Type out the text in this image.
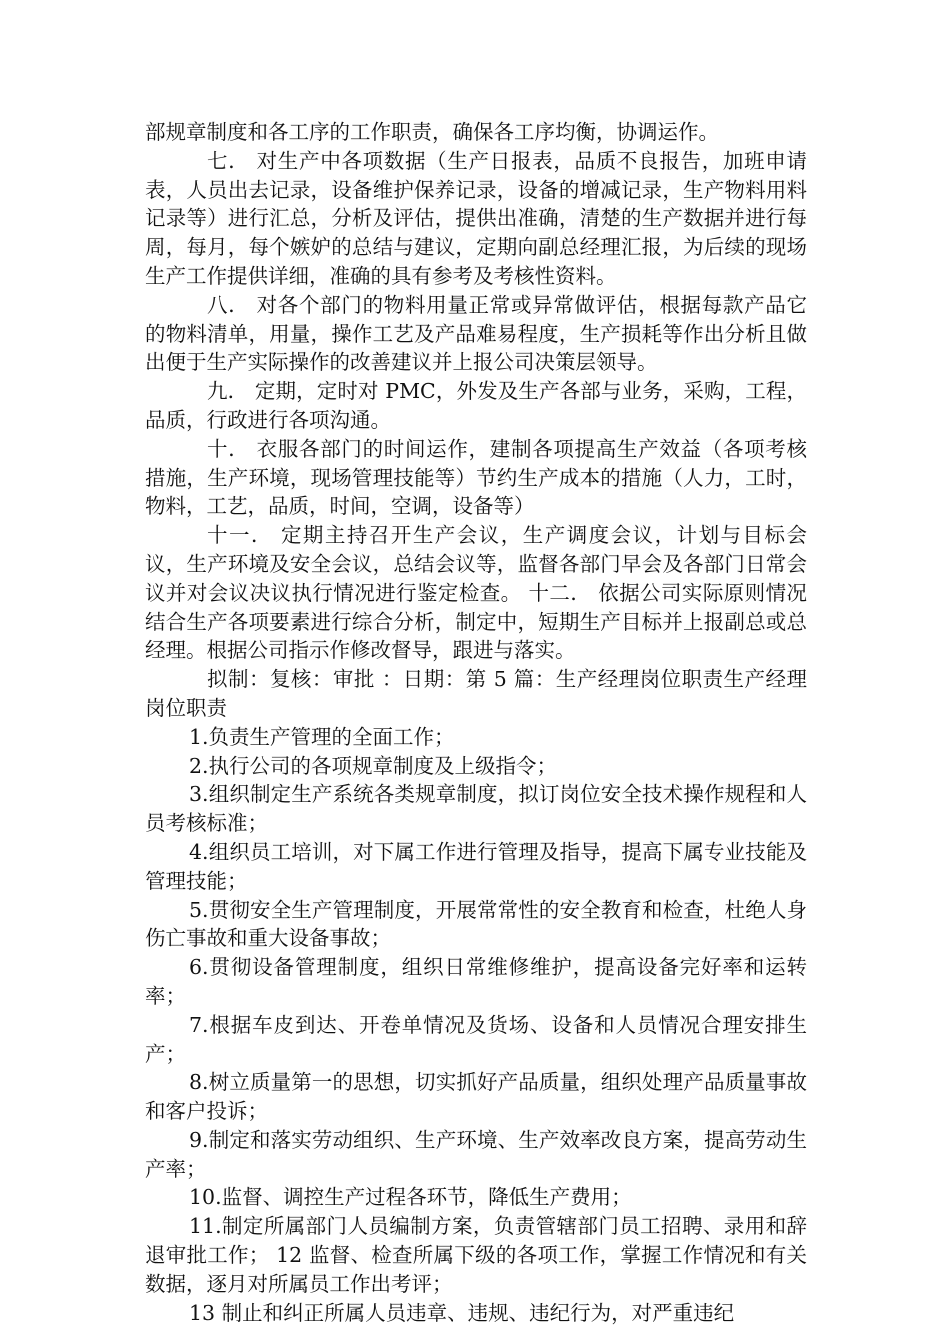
部规章制度和各工序的工作职责，确保各工序均衡，协调运作。

七． 对生产中各项数据（生产日报表，品质不良报告，加班申请表，人员出去记录，设备维护保养记录，设备的增减记录，生产物料用料记录等）进行汇总，分析及评估，提供出准确，清楚的生产数据并进行每周，每月，每个嫉妒的总结与建议，定期向副总经理汇报，为后续的现场生产工作提供详细，准确的具有参考及考核性资料。

八． 对各个部门的物料用量正常或异常做评估，根据每款产品它的物料清单，用量，操作工艺及产品难易程度，生产损耗等作出分析且做出便于生产实际操作的改善建议并上报公司决策层领导。

九． 定期，定时对 PMC，外发及生产各部与业务，采购，工程，品质，行政进行各项沟通。

十． 衣服各部门的时间运作，建制各项提高生产效益（各项考核措施，生产环境，现场管理技能等）节约生产成本的措施（人力，工时，物料，工艺，品质，时间，空调，设备等）

十一． 定期主持召开生产会议，生产调度会议，计划与目标会议，生产环境及安全会议，总结会议等，监督各部门早会及各部门日常会议并对会议决议执行情况进行鉴定检查。 十二． 依据公司实际原则情况结合生产各项要素进行综合分析，制定中，短期生产目标并上报副总或总经理。根据公司指示作修改督导，跟进与落实。

拟制：复核：审批 ：日期：第 5 篇：生产经理岗位职责生产经理岗位职责

1.负责生产管理的全面工作；

2.执行公司的各项规章制度及上级指令；

3.组织制定生产系统各类规章制度，拟订岗位安全技术操作规程和人员考核标准；

4.组织员工培训，对下属工作进行管理及指导，提高下属专业技能及管理技能；

5.贯彻安全生产管理制度，开展常常性的安全教育和检查，杜绝人身伤亡事故和重大设备事故；

6.贯彻设备管理制度，组织日常维修维护，提高设备完好率和运转率；

7.根据车皮到达、开卷单情况及货场、设备和人员情况合理安排生产；

8.树立质量第一的思想，切实抓好产品质量，组织处理产品质量事故和客户投诉；

9.制定和落实劳动组织、生产环境、生产效率改良方案，提高劳动生产率；

10.监督、调控生产过程各环节，降低生产费用；

11.制定所属部门人员编制方案，负责管辖部门员工招聘、录用和辞退审批工作； 12 监督、检查所属下级的各项工作，掌握工作情况和有关数据，逐月对所属员工作出考评；

13 制止和纠正所属人员违章、违规、违纪行为，对严重违纪
